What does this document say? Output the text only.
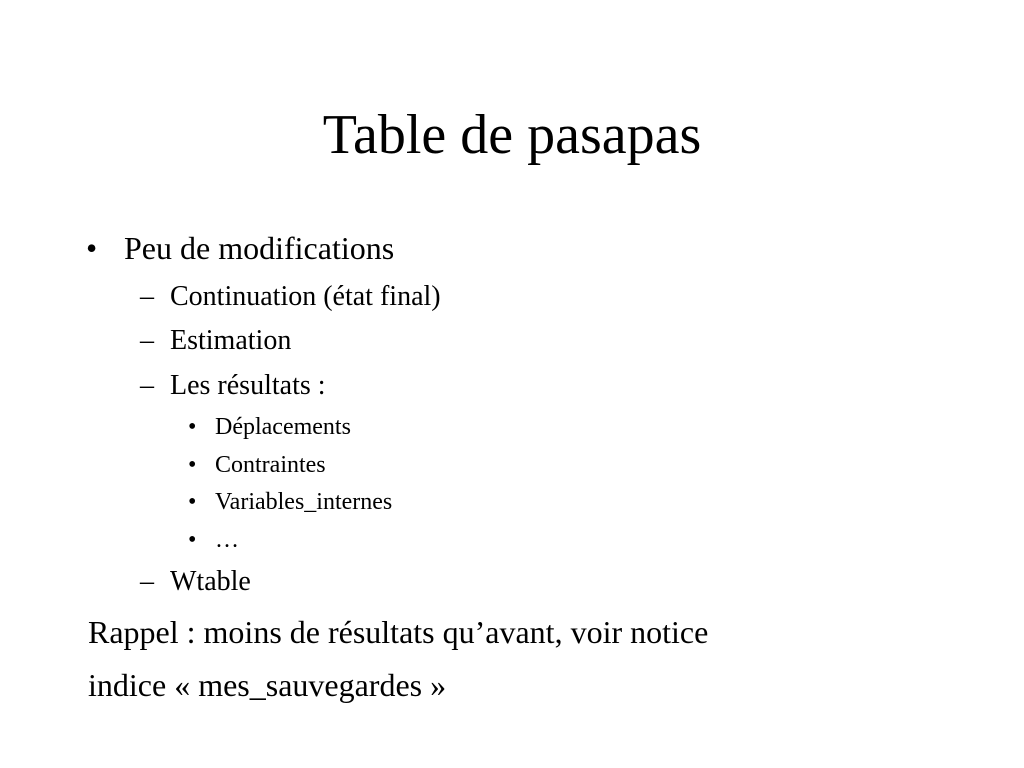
Table de pasapas
• Peu de modifications
– Continuation (état final)
– Estimation
– Les résultats :
• Déplacements
• Contraintes
• Variables_internes
• …
– Wtable
Rappel : moins de résultats qu’avant, voir notice
indice « mes_sauvegardes »
